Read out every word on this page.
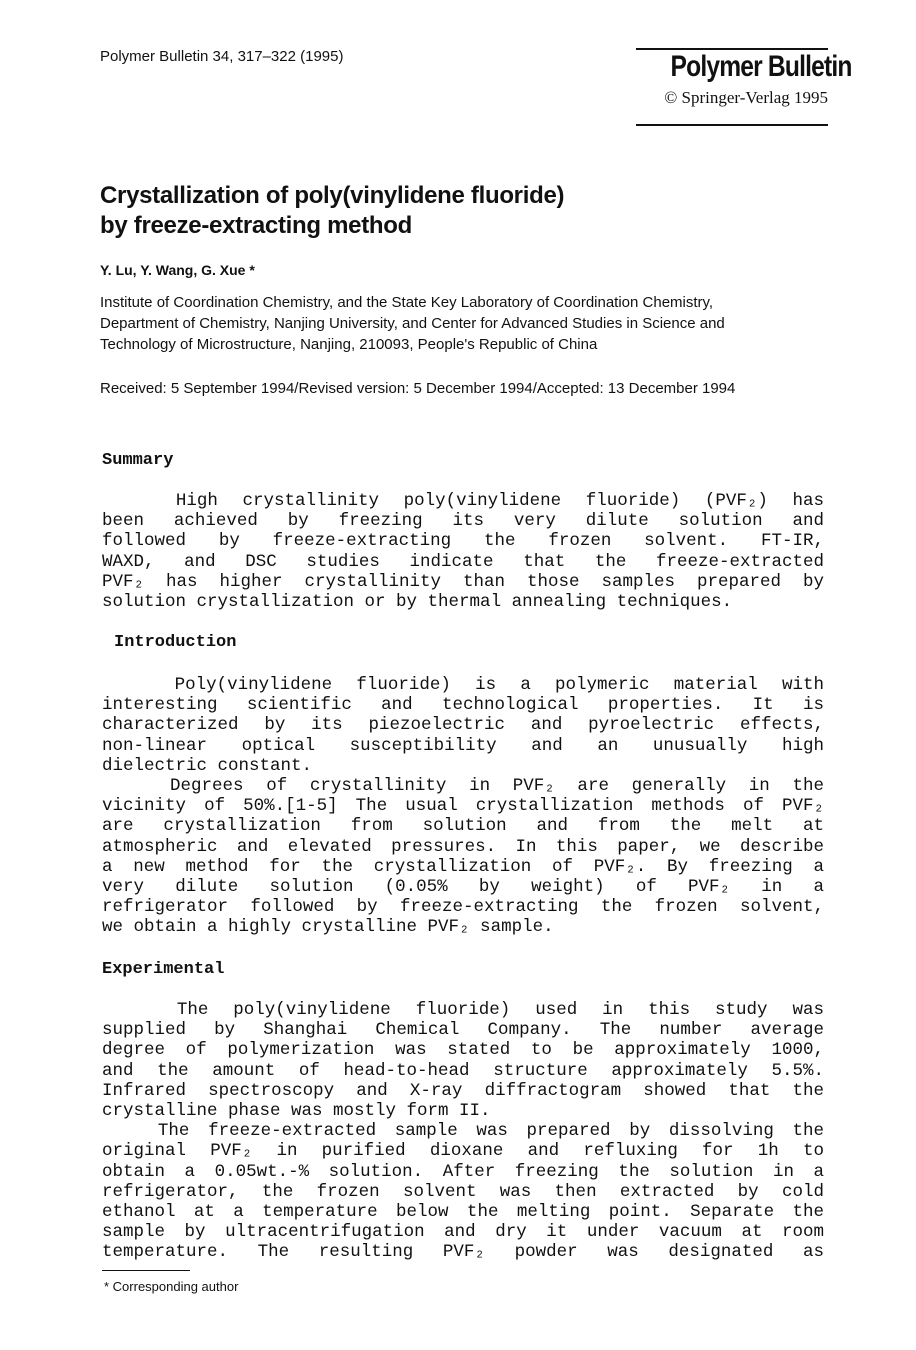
Polymer Bulletin 34, 317–322 (1995)	Polymer Bulletin
© Springer-Verlag 1995
Crystallization of poly(vinylidene fluoride)
by freeze-extracting method
Y. Lu, Y. Wang, G. Xue *
Institute of Coordination Chemistry, and the State Key Laboratory of Coordination Chemistry,
Department of Chemistry, Nanjing University, and Center for Advanced Studies in Science and
Technology of Microstructure, Nanjing, 210093, People's Republic of China
Received: 5 September 1994/Revised version: 5 December 1994/Accepted: 13 December 1994
Summary
High crystallinity poly(vinylidene fluoride) (PVF₂) has
been achieved by freezing its very dilute solution and
followed by freeze-extracting the frozen solvent. FT-IR,
WAXD, and DSC studies indicate that the freeze-extracted
PVF₂ has higher crystallinity than those samples prepared by
solution crystallization or by thermal annealing techniques.
Introduction
Poly(vinylidene fluoride) is a polymeric material with
interesting scientific and technological properties. It is
characterized by its piezoelectric and pyroelectric effects,
non-linear optical susceptibility and an unusually high
dielectric constant.
Degrees of crystallinity in PVF₂ are generally in the
vicinity of 50%.[1-5] The usual crystallization methods of PVF₂
are crystallization from solution and from the melt at
atmospheric and elevated pressures. In this paper, we describe
a new method for the crystallization of PVF₂. By freezing a
very dilute solution (0.05% by weight) of PVF₂ in a
refrigerator followed by freeze-extracting the frozen solvent,
we obtain a highly crystalline PVF₂ sample.
Experimental
The poly(vinylidene fluoride) used in this study was
supplied by Shanghai Chemical Company. The number average
degree of polymerization was stated to be approximately 1000,
and the amount of head-to-head structure approximately 5.5%.
Infrared spectroscopy and X-ray diffractogram showed that the
crystalline phase was mostly form II.
The freeze-extracted sample was prepared by dissolving the
original PVF₂ in purified dioxane and refluxing for 1h to
obtain a 0.05wt.-% solution. After freezing the solution in a
refrigerator, the frozen solvent was then extracted by cold
ethanol at a temperature below the melting point. Separate the
sample by ultracentrifugation and dry it under vacuum at room
temperature. The resulting PVF₂ powder was designated as
* Corresponding author
